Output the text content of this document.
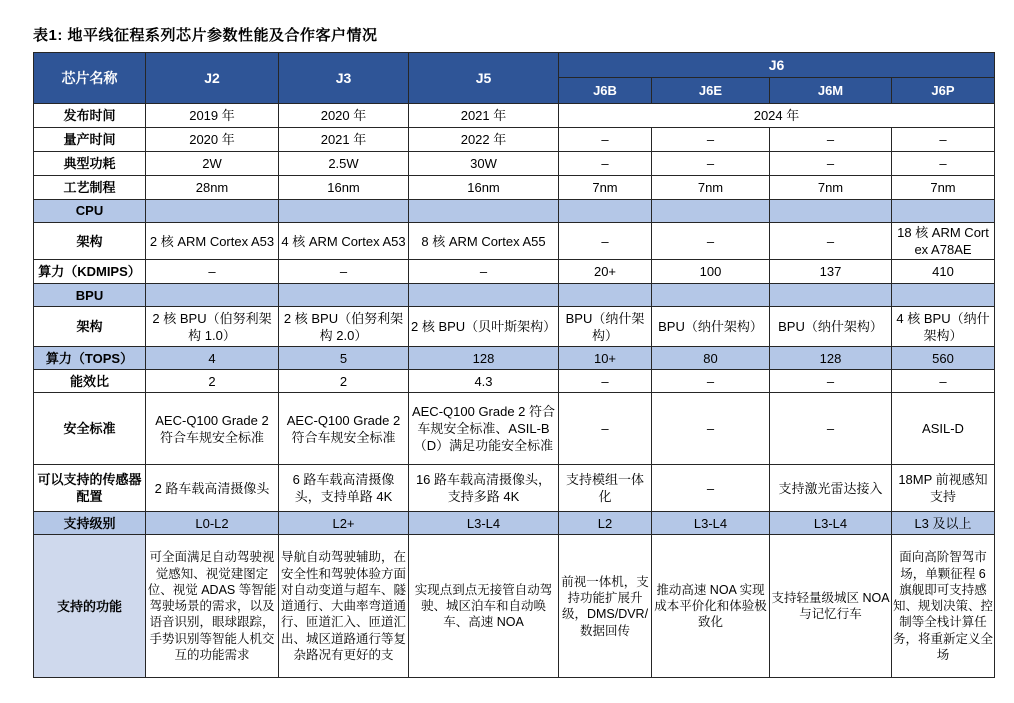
表1: 地平线征程系列芯片参数性能及合作客户情况
芯片名称	J2	J3	J5	J6			
				J6B	J6E	J6M	J6P
发布时间	2019 年	2020 年	2021 年	2024 年			
量产时间	2020 年	2021 年	2022 年	–	–	–	–
典型功耗	2W	2.5W	30W	–	–	–	–
工艺制程	28nm	16nm	16nm	7nm	7nm	7nm	7nm
CPU							
架构	2 核 ARM Cortex A53	4 核 ARM Cortex A53	8 核 ARM Cortex A55	–	–	–	18 核 ARM Cortex A78AE
算力（KDMIPS）	–	–	–	20+	100	137	410
BPU							
架构	2 核 BPU（伯努利架构 1.0）	2 核 BPU（伯努利架构 2.0）	2 核 BPU（贝叶斯架构）	BPU（纳什架构）	BPU（纳什架构）	BPU（纳什架构）	4 核 BPU（纳什架构）
算力（TOPS）	4	5	128	10+	80	128	560
能效比	2	2	4.3	–	–	–	–
安全标准	AEC-Q100 Grade 2 符合车规安全标准	AEC-Q100 Grade 2 符合车规安全标准	AEC-Q100 Grade 2 符合车规安全标准、ASIL-B（D）满足功能安全标准	–	–	–	ASIL-D
可以支持的传感器配置	2 路车载高清摄像头	6 路车载高清摄像头，支持单路 4K	16 路车载高清摄像头，支持多路 4K	支持模组一体化	–	支持激光雷达接入	18MP 前视感知支持
支持级别	L0-L2	L2+	L3-L4	L2	L3-L4	L3-L4	L3 及以上
支持的功能	可全面满足自动驾驶视觉感知、视觉建图定位、视觉 ADAS 等智能驾驶场景的需求，以及语音识别，眼球跟踪，手势识别等智能人机交互的功能需求	导航自动驾驶辅助，在安全性和驾驶体验方面对自动变道与超车、隧道通行、大曲率弯道通行、匝道汇入、匝道汇出、城区道路通行等复杂路况有更好的支	实现点到点无接管自动驾驶、城区泊车和自动唤车、高速 NOA	前视一体机，支持功能扩展升级，DMS/DVR/数据回传	推动高速 NOA 实现成本平价化和体验极致化	支持轻量级城区 NOA 与记忆行车	面向高阶智驾市场，单颗征程 6 旗舰即可支持感知、规划决策、控制等全栈计算任务，将重新定义全场
